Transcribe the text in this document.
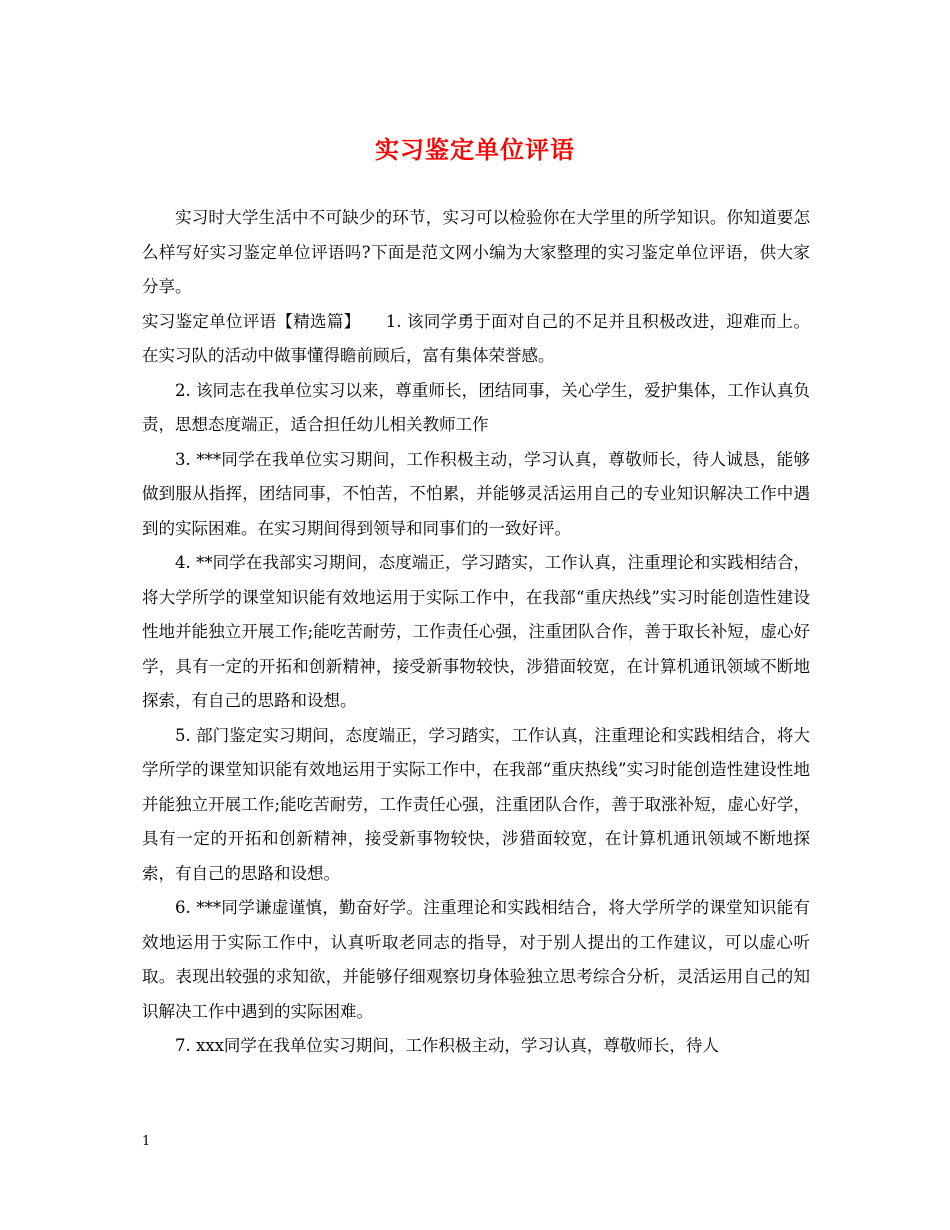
实习鉴定单位评语

实习时大学生活中不可缺少的环节，实习可以检验你在大学里的所学知识。你知道要怎么样写好实习鉴定单位评语吗?下面是范文网小编为大家整理的实习鉴定单位评语，供大家分享。

实习鉴定单位评语【精选篇】　　1. 该同学勇于面对自己的不足并且积极改进，迎难而上。在实习队的活动中做事懂得瞻前顾后，富有集体荣誉感。

2. 该同志在我单位实习以来，尊重师长，团结同事，关心学生，爱护集体，工作认真负责，思想态度端正，适合担任幼儿相关教师工作

3. ***同学在我单位实习期间，工作积极主动，学习认真，尊敬师长，待人诚恳，能够做到服从指挥，团结同事，不怕苦，不怕累，并能够灵活运用自己的专业知识解决工作中遇到的实际困难。在实习期间得到领导和同事们的一致好评。

4. **同学在我部实习期间，态度端正，学习踏实，工作认真，注重理论和实践相结合，将大学所学的课堂知识能有效地运用于实际工作中，在我部“重庆热线”实习时能创造性建设性地并能独立开展工作;能吃苦耐劳，工作责任心强，注重团队合作，善于取长补短，虚心好学，具有一定的开拓和创新精神，接受新事物较快，涉猎面较宽，在计算机通讯领域不断地探索，有自己的思路和设想。

5. 部门鉴定实习期间，态度端正，学习踏实，工作认真，注重理论和实践相结合，将大学所学的课堂知识能有效地运用于实际工作中，在我部“重庆热线”实习时能创造性建设性地并能独立开展工作;能吃苦耐劳，工作责任心强，注重团队合作，善于取涨补短，虚心好学，具有一定的开拓和创新精神，接受新事物较快，涉猎面较宽，在计算机通讯领域不断地探索，有自己的思路和设想。

6. ***同学谦虚谨慎，勤奋好学。注重理论和实践相结合，将大学所学的课堂知识能有效地运用于实际工作中，认真听取老同志的指导，对于别人提出的工作建议，可以虚心听取。表现出较强的求知欲，并能够仔细观察切身体验独立思考综合分析，灵活运用自己的知识解决工作中遇到的实际困难。

7. xxx同学在我单位实习期间，工作积极主动，学习认真，尊敬师长，待人

1
